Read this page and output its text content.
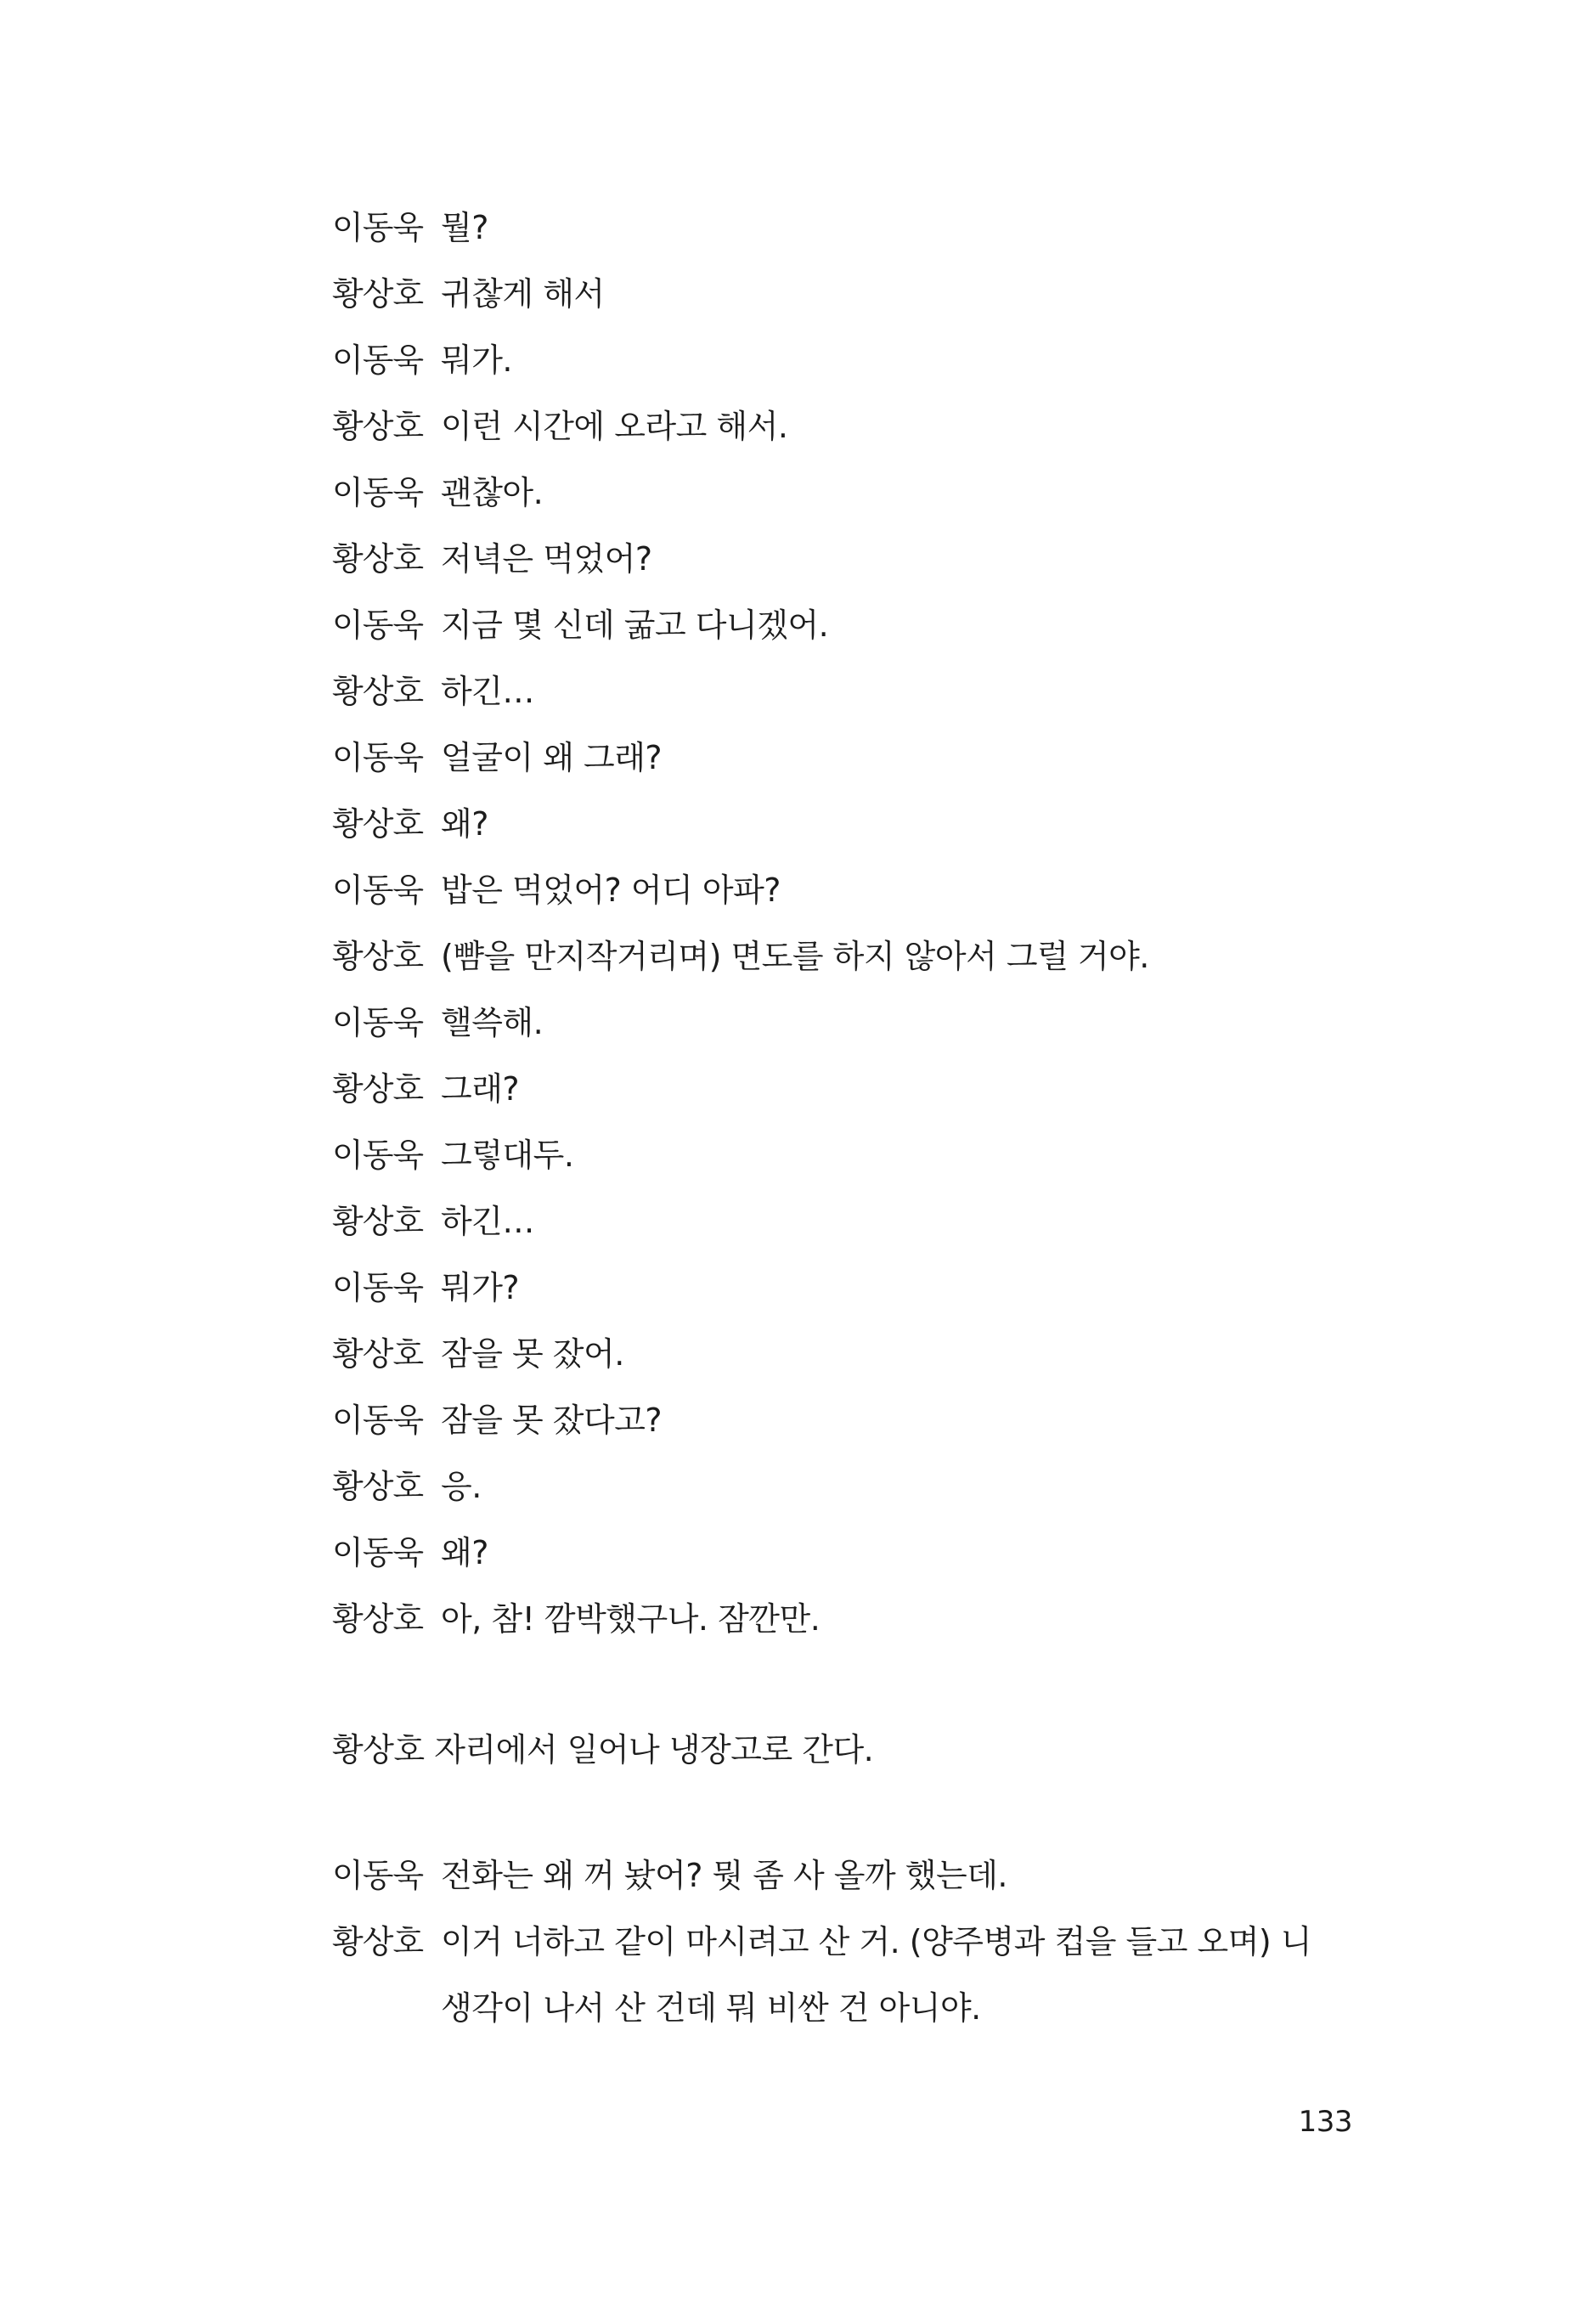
이동욱 뭘?
황상호 귀찮게 해서
이동욱 뭐가.
황상호 이런 시간에 오라고 해서.
이동욱 괜찮아.
황상호 저녁은 먹었어?
이동욱 지금 몇 신데 굶고 다니겠어.
황상호 하긴…
이동욱 얼굴이 왜 그래?
황상호 왜?
이동욱 밥은 먹었어? 어디 아파?
황상호 (뺨을 만지작거리며) 면도를 하지 않아서 그럴 거야.
이동욱 핼쓱해.
황상호 그래?
이동욱 그렇대두.
황상호 하긴…
이동욱 뭐가?
황상호 잠을 못 잤어.
이동욱 잠을 못 잤다고?
황상호 응.
이동욱 왜?
황상호 아, 참! 깜박했구나. 잠깐만.
황상호 자리에서 일어나 냉장고로 간다.
이동욱 전화는 왜 꺼 놨어? 뭣 좀 사 올까 했는데.
황상호 이거 너하고 같이 마시려고 산 거. (양주병과 컵을 들고 오며) 니 생각이 나서 산 건데 뭐 비싼 건 아니야.
133
